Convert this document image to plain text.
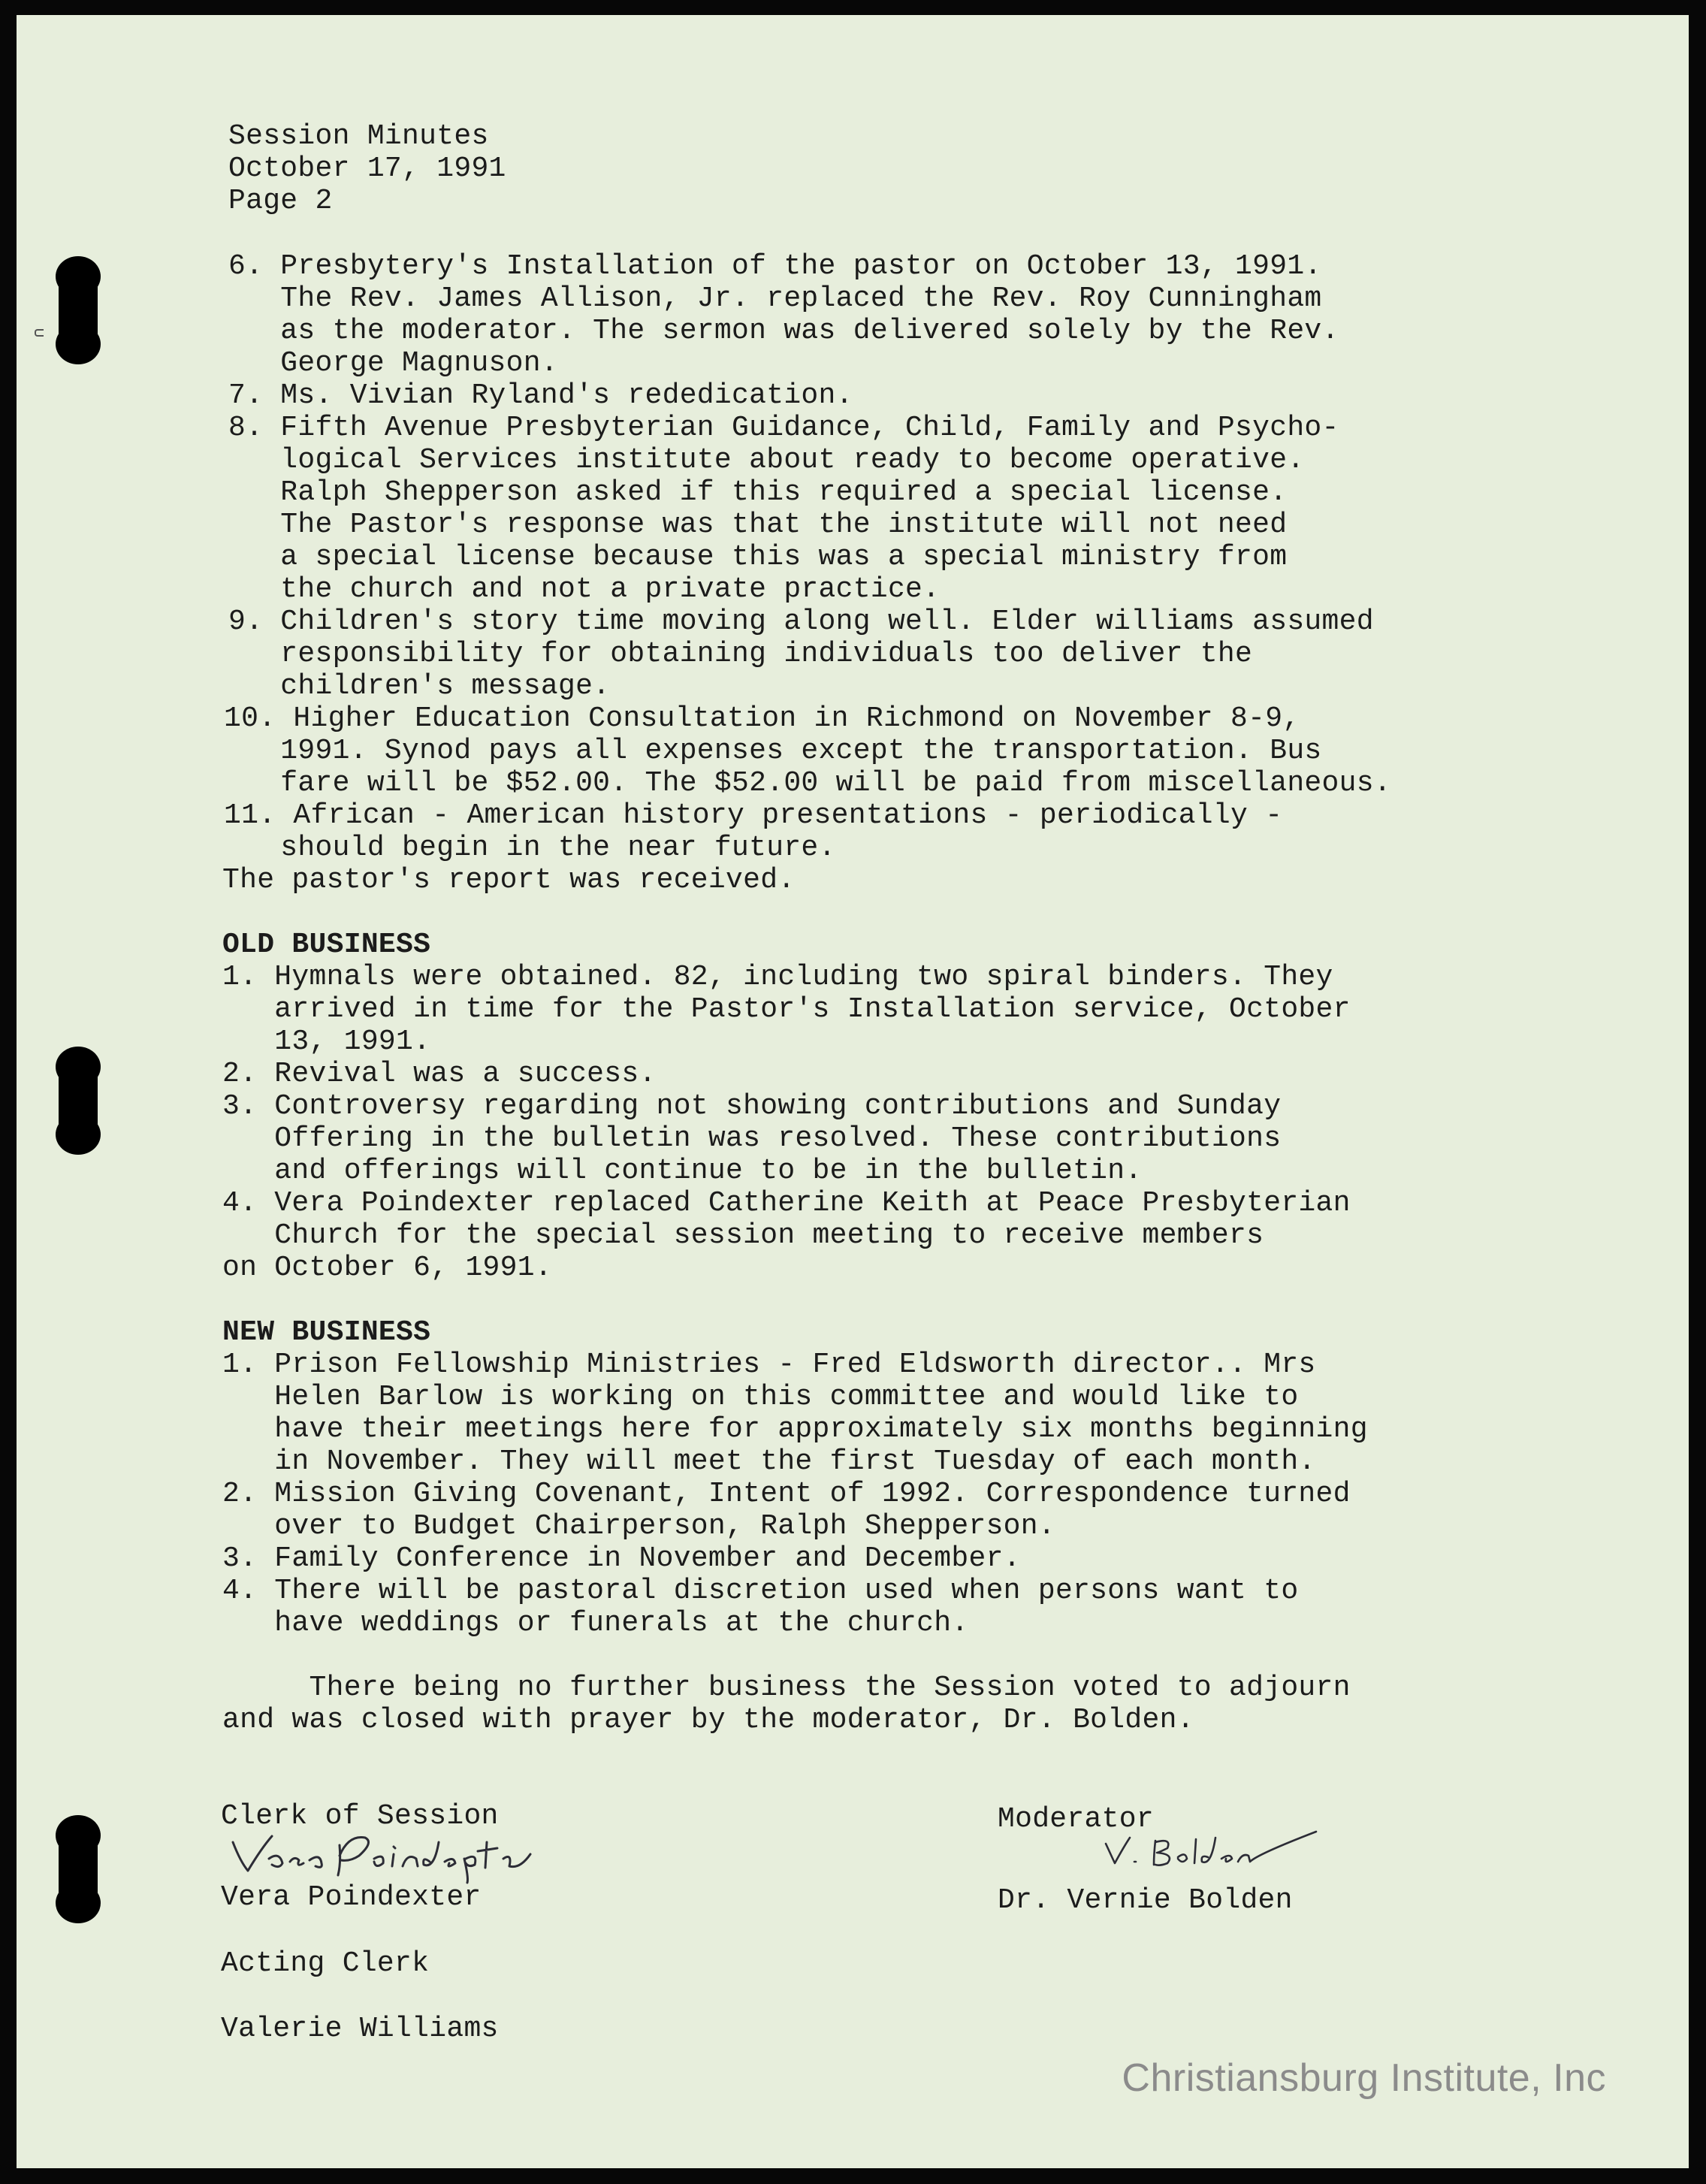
Session Minutes
October 17, 1991
Page 2
6. Presbytery's Installation of the pastor on October 13, 1991.
The Rev. James Allison, Jr. replaced the Rev. Roy Cunningham
as the moderator. The sermon was delivered solely by the Rev.
George Magnuson.
7. Ms. Vivian Ryland's rededication.
8. Fifth Avenue Presbyterian Guidance, Child, Family and Psycho-
logical Services institute about ready to become operative.
Ralph Shepperson asked if this required a special license.
The Pastor's response was that the institute will not need
a special license because this was a special ministry from
the church and not a private practice.
9. Children's story time moving along well. Elder williams assumed
responsibility for obtaining individuals too deliver the
children's message.
10. Higher Education Consultation in Richmond on November 8-9,
1991. Synod pays all expenses except the transportation. Bus
fare will be $52.00. The $52.00 will be paid from miscellaneous.
11. African - American history presentations - periodically -
should begin in the near future.
The pastor's report was received.
OLD BUSINESS
1. Hymnals were obtained. 82, including two spiral binders. They
arrived in time for the Pastor's Installation service, October
13, 1991.
2. Revival was a success.
3. Controversy regarding not showing contributions and Sunday
Offering in the bulletin was resolved. These contributions
and offerings will continue to be in the bulletin.
4. Vera Poindexter replaced Catherine Keith at Peace Presbyterian
Church for the special session meeting to receive members
on October 6, 1991.
NEW BUSINESS
1. Prison Fellowship Ministries - Fred Eldsworth director.. Mrs
Helen Barlow is working on this committee and would like to
have their meetings here for approximately six months beginning
in November. They will meet the first Tuesday of each month.
2. Mission Giving Covenant, Intent of 1992. Correspondence turned
over to Budget Chairperson, Ralph Shepperson.
3. Family Conference in November and December.
4. There will be pastoral discretion used when persons want to
have weddings or funerals at the church.
There being no further business the Session voted to adjourn
and was closed with prayer by the moderator, Dr. Bolden.
Clerk of Session
Vera Poindexter
Acting Clerk
Valerie Williams
Moderator
Dr. Vernie Bolden
Christiansburg Institute, Inc
